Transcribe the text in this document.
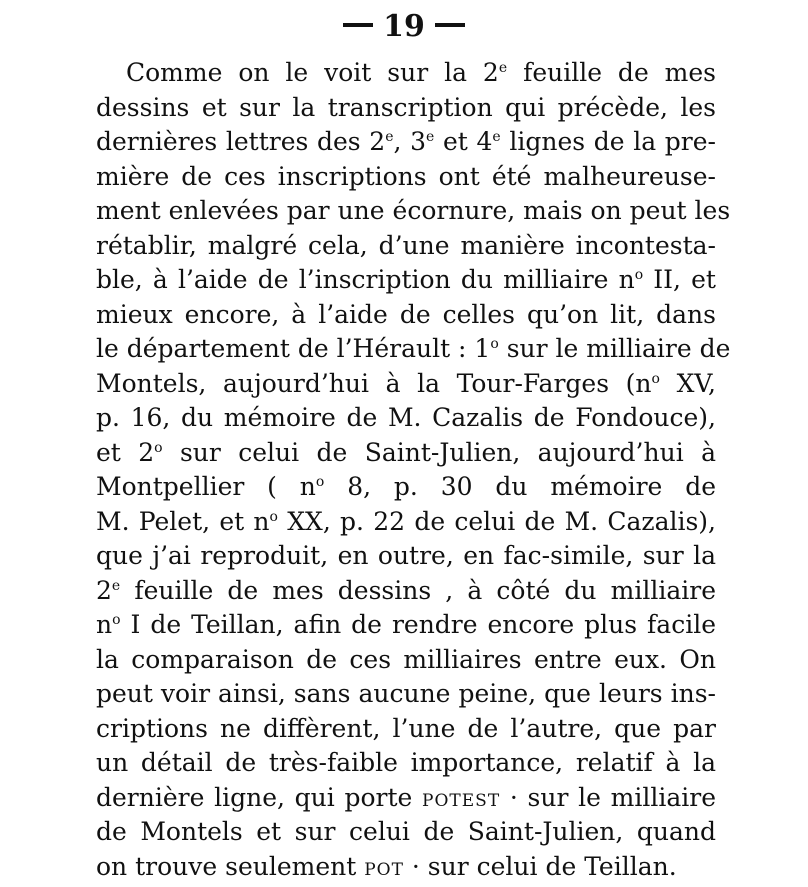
19
Comme on le voit sur la 2e feuille de mes
dessins et sur la transcription qui précède, les
dernières lettres des 2e, 3e et 4e lignes de la pre-
mière de ces inscriptions ont été malheureuse-
ment enlevées par une écornure, mais on peut les
rétablir, malgré cela, d’une manière incontesta-
ble, à l’aide de l’inscription du milliaire $n^o$ II, et
mieux encore, à l’aide de celles qu’on lit, dans
le département de l’Hérault : 1$^o$ sur le milliaire de
Montels, aujourd’hui à la Tour-Farges ($n^o$ XV,
p. 16, du mémoire de M. Cazalis de Fondouce),
et 2$^o$ sur celui de Saint-Julien, aujourd’hui à
Montpellier ( $n^o$ 8, p. 30 du mémoire de
M. Pelet, et $n^o$ XX, p. 22 de celui de M. Cazalis),
que j’ai reproduit, en outre, en fac-simile, sur la
2e feuille de mes dessins , à côté du milliaire
$n^o$ I de Teillan, afin de rendre encore plus facile
la comparaison de ces milliaires entre eux. On
peut voir ainsi, sans aucune peine, que leurs ins-
criptions ne diffèrent, l’une de l’autre, que par
un détail de très-faible importance, relatif à la
dernière ligne, qui porte POTEST · sur le milliaire
de Montels et sur celui de Saint-Julien, quand
on trouve seulement POT · sur celui de Teillan.
